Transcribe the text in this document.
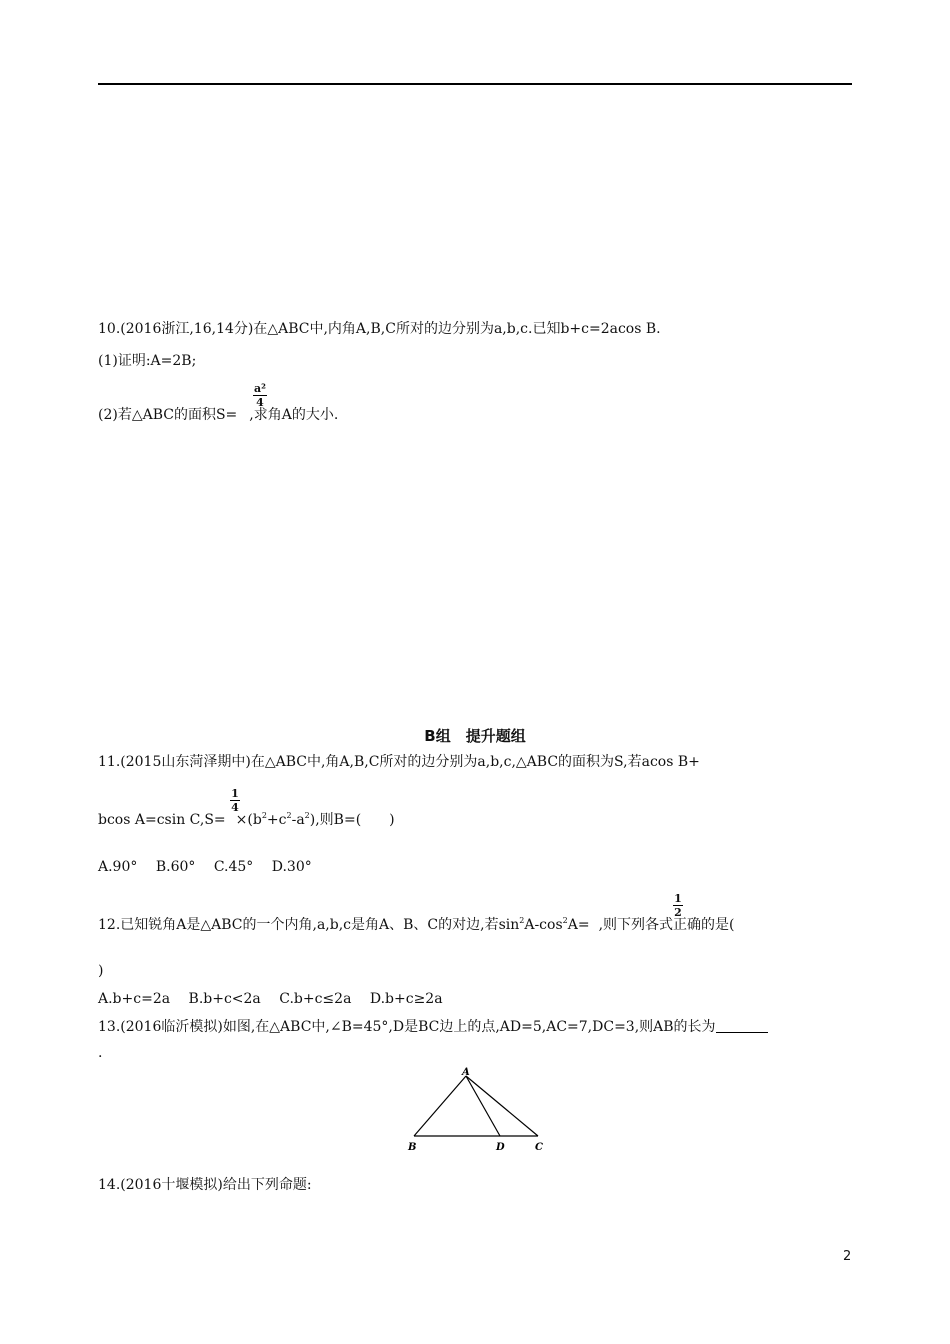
10.(2016浙江,16,14分)在△ABC中,内角A,B,C所对的边分别为a,b,c.已知b+c=2acos B.
(1)证明:A=2B;
(2)若△ABC的面积S= ,求角A的大小.
a²
4
B组　提升题组
11.(2015山东菏泽期中)在△ABC中,角A,B,C所对的边分别为a,b,c,△ABC的面积为S,若acos B+
bcos A=csin $C,S= \times(b^2+c^2-a^2)$,则B=(　　)
1
4
A.90°　 B.60°　 C.45°　 D.30°
12.已知锐角A是△ABC的一个内角,a,b,c是角A、B、C的对边,若$\sin^2A-\cos^2A=$ ,则下列各式正确的是(
1
2
)
A.b+c=2a　 B.b+c<2a　 C.b+c≤2a　 D.b+c≥2a
13.(2016临沂模拟)如图,在△ABC中,∠B=45°,D是BC边上的点,AD=5,AC=7,DC=3,则AB的长为
.
A
B	D	C
14.(2016十堰模拟)给出下列命题:
2
